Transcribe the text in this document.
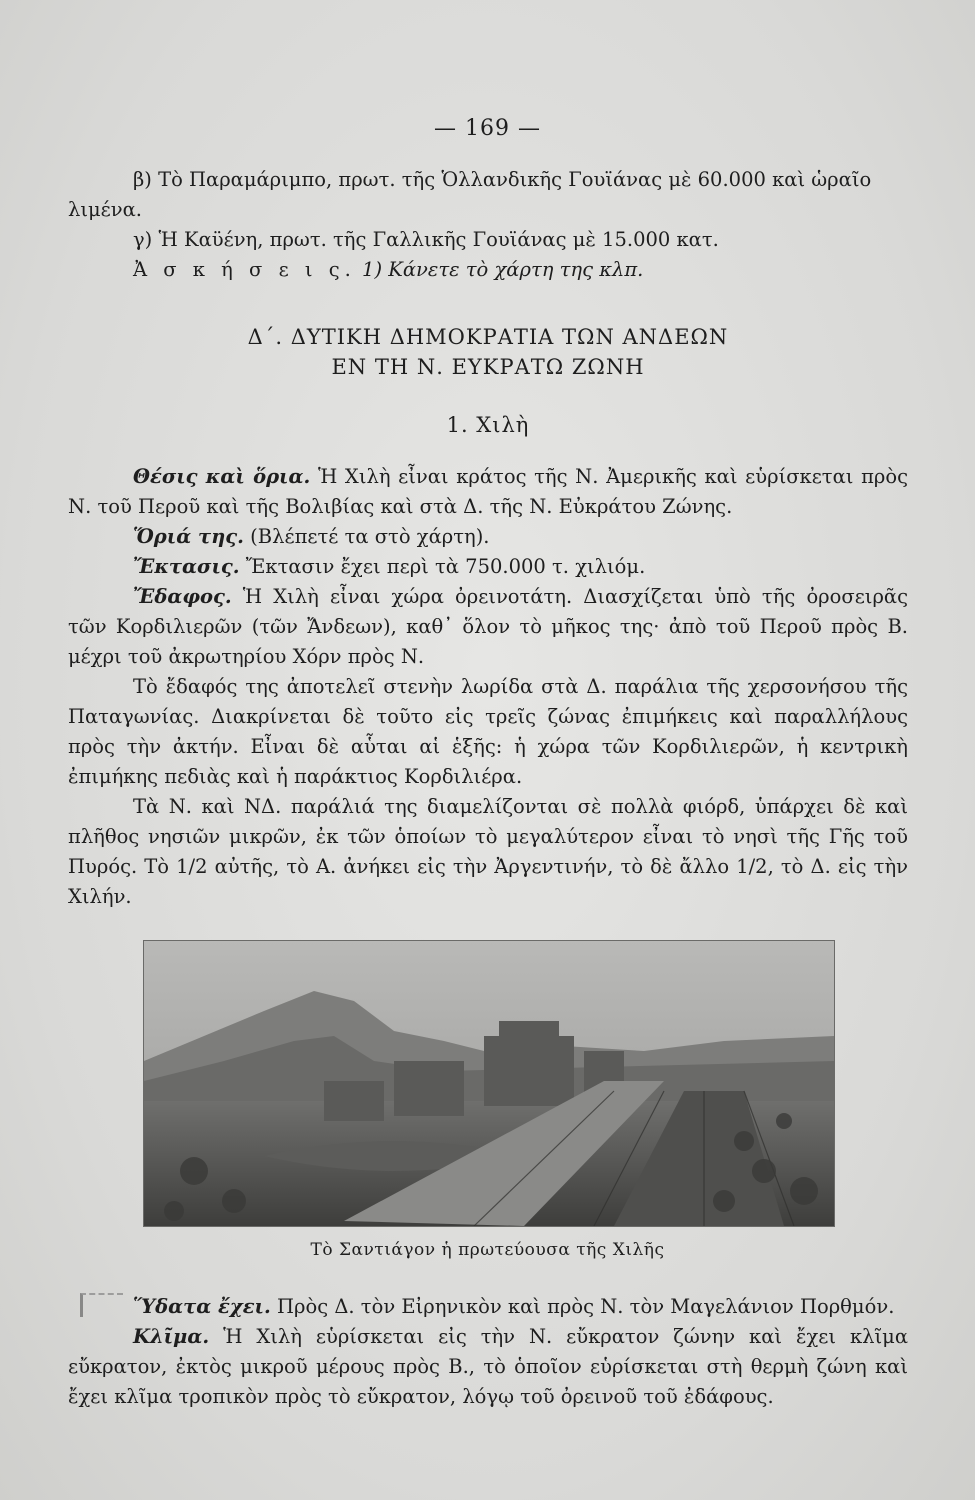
— 169 —

β) Τὸ Παραμάριμπο, πρωτ. τῆς Ὁλλανδικῆς Γουϊάνας μὲ 60.000 καὶ ὡραῖο λιμένα.

γ) Ἡ Καϋένη, πρωτ. τῆς Γαλλικῆς Γουϊάνας μὲ 15.000 κατ.

Ἀ σ κ ή σ ε ι ς. 1) Κάνετε τὸ χάρτη της κλπ.

Δ΄. ΔΥΤΙΚΗ ΔΗΜΟΚΡΑΤΙΑ ΤΩΝ ΑΝΔΕΩΝ
ΕΝ ΤΗ Ν. ΕΥΚΡΑΤΩ ΖΩΝΗ
1. Χιλὴ

Θέσις καὶ ὅρια. Ἡ Χιλὴ εἶναι κράτος τῆς Ν. Ἀμερικῆς καὶ εὑρίσκεται πρὸς Ν. τοῦ Περοῦ καὶ τῆς Βολιβίας καὶ στὰ Δ. τῆς Ν. Εὐκράτου Ζώνης.

Ὅριά της. (Βλέπετέ τα στὸ χάρτη).

Ἔκτασις. Ἔκτασιν ἔχει περὶ τὰ 750.000 τ. χιλιόμ.

Ἔδαφος. Ἡ Χιλὴ εἶναι χώρα ὀρεινοτάτη. Διασχίζεται ὑπὸ τῆς ὀροσειρᾶς τῶν Κορδιλιερῶν (τῶν Ἄνδεων), καθ᾽ ὅλον τὸ μῆκος της· ἀπὸ τοῦ Περοῦ πρὸς Β. μέχρι τοῦ ἀκρωτηρίου Χόρν πρὸς Ν.

Τὸ ἔδαφός της ἀποτελεῖ στενὴν λωρίδα στὰ Δ. παράλια τῆς χερσονήσου τῆς Παταγωνίας. Διακρίνεται δὲ τοῦτο εἰς τρεῖς ζώνας ἐπιμήκεις καὶ παραλλήλους πρὸς τὴν ἀκτήν. Εἶναι δὲ αὗται αἱ ἑξῆς: ἡ χώρα τῶν Κορδιλιερῶν, ἡ κεντρικὴ ἐπιμήκης πεδιὰς καὶ ἡ παράκτιος Κορδιλιέρα.

Τὰ Ν. καὶ ΝΔ. παράλιά της διαμελίζονται σὲ πολλὰ φιόρδ, ὑπάρχει δὲ καὶ πλῆθος νησιῶν μικρῶν, ἐκ τῶν ὁποίων τὸ μεγαλύτερον εἶναι τὸ νησὶ τῆς Γῆς τοῦ Πυρός. Τὸ 1/2 αὐτῆς, τὸ Α. ἀνήκει εἰς τὴν Ἀργεντινήν, τὸ δὲ ἄλλο 1/2, τὸ Δ. εἰς τὴν Χιλήν.

Τὸ Σαντιάγον ἡ πρωτεύουσα τῆς Χιλῆς

Ὕδατα ἔχει. Πρὸς Δ. τὸν Εἰρηνικὸν καὶ πρὸς Ν. τὸν Μαγελάνιον Πορθμόν.

Κλῖμα. Ἡ Χιλὴ εὑρίσκεται εἰς τὴν Ν. εὔκρατον ζώνην καὶ ἔχει κλῖμα εὔκρατον, ἐκτὸς μικροῦ μέρους πρὸς Β., τὸ ὁποῖον εὑρίσκεται στὴ θερμὴ ζώνη καὶ ἔχει κλῖμα τροπικὸν πρὸς τὸ εὔκρατον, λόγῳ τοῦ ὀρεινοῦ τοῦ ἐδάφους.
